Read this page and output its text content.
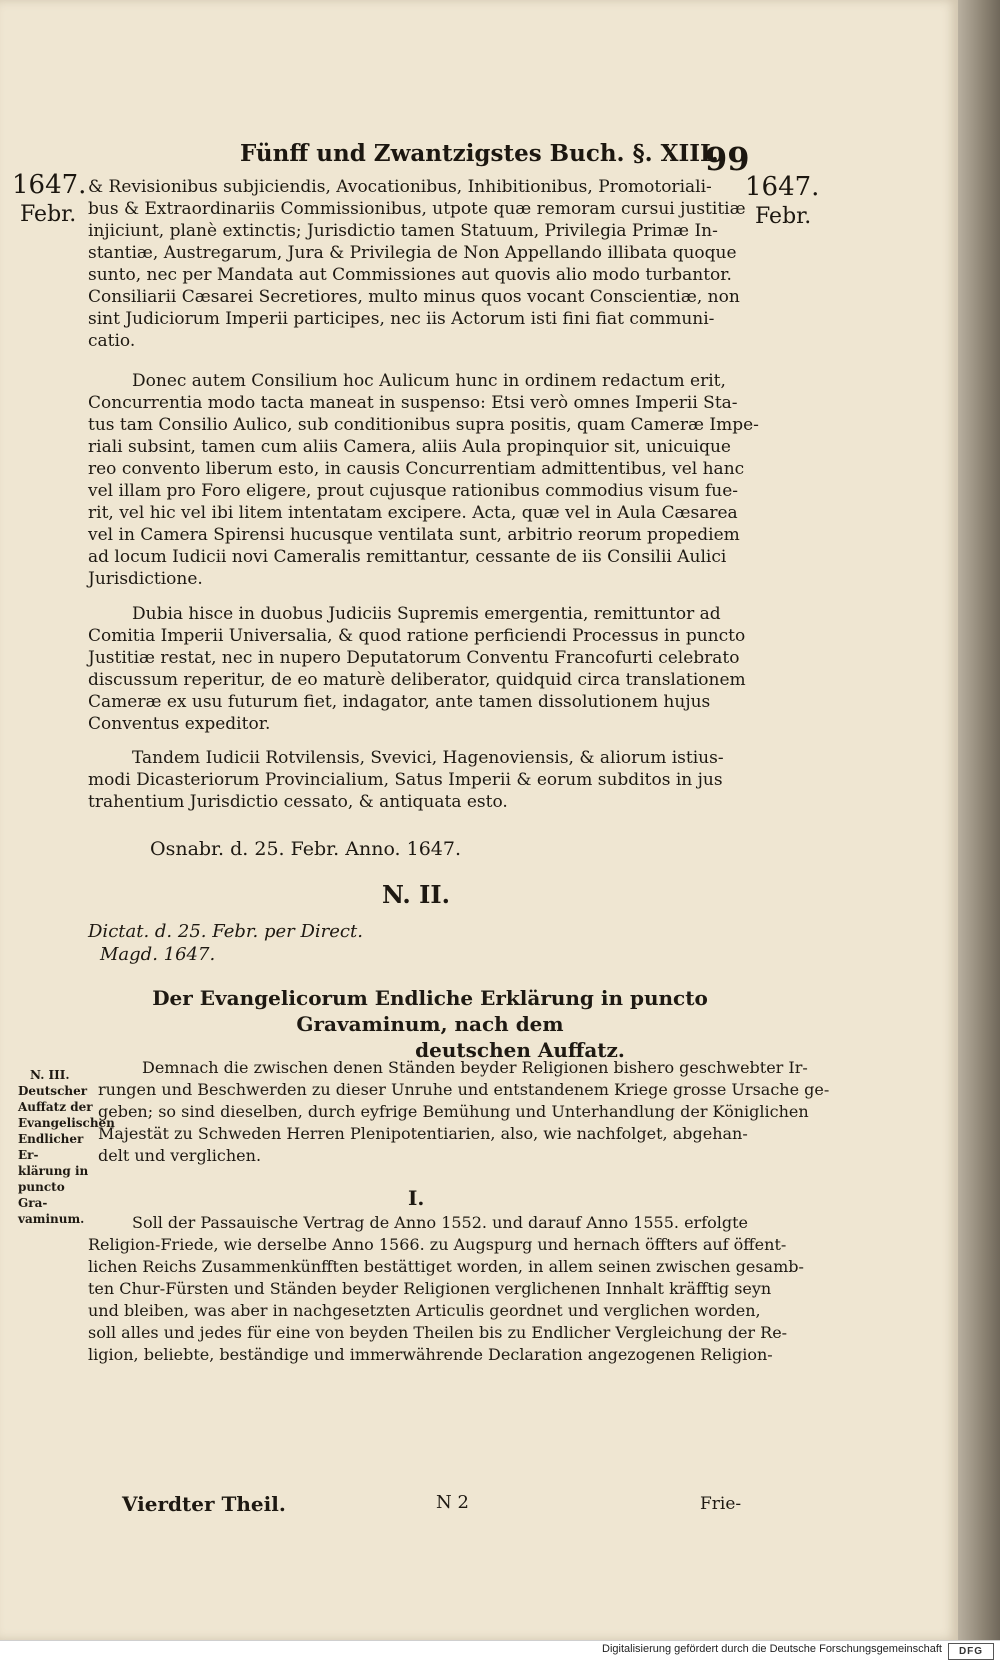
Fünff und Zwantzigstes Buch. §. XIII.
99
1647.
Febr.
1647.
Febr.
& Revisionibus subjiciendis, Avocationibus, Inhibitionibus, Promotoriali-
bus & Extraordinariis Commissionibus, utpote quæ remoram cursui justitiæ
injiciunt, planè extinctis; Jurisdictio tamen Statuum, Privilegia Primæ In-
stantiæ, Austregarum, Jura & Privilegia de Non Appellando illibata quoque
sunto, nec per Mandata aut Commissiones aut quovis alio modo turbantor.
Consiliarii Cæsarei Secretiores, multo minus quos vocant Conscientiæ, non
sint Judiciorum Imperii participes, nec iis Actorum isti fini fiat communi-
catio.
Donec autem Consilium hoc Aulicum hunc in ordinem redactum erit,
Concurrentia modo tacta maneat in suspenso: Etsi verò omnes Imperii Sta-
tus tam Consilio Aulico, sub conditionibus supra positis, quam Cameræ Impe-
riali subsint, tamen cum aliis Camera, aliis Aula propinquior sit, unicuique
reo convento liberum esto, in causis Concurrentiam admittentibus, vel hanc
vel illam pro Foro eligere, prout cujusque rationibus commodius visum fue-
rit, vel hic vel ibi litem intentatam excipere. Acta, quæ vel in Aula Cæsarea
vel in Camera Spirensi hucusque ventilata sunt, arbitrio reorum propediem
ad locum Iudicii novi Cameralis remittantur, cessante de iis Consilii Aulici
Jurisdictione.
Dubia hisce in duobus Judiciis Supremis emergentia, remittuntor ad
Comitia Imperii Universalia, & quod ratione perficiendi Processus in puncto
Justitiæ restat, nec in nupero Deputatorum Conventu Francofurti celebrato
discussum reperitur, de eo maturè deliberator, quidquid circa translationem
Cameræ ex usu futurum fiet, indagator, ante tamen dissolutionem hujus
Conventus expeditor.
Tandem Iudicii Rotvilensis, Svevici, Hagenoviensis, & aliorum istius-
modi Dicasteriorum Provincialium, Satus Imperii & eorum subditos in jus
trahentium Jurisdictio cessato, & antiquata esto.
Osnabr. d. 25. Febr. Anno. 1647.
N. II.
Dictat. d. 25. Febr. per Direct.
Magd. 1647.
Der Evangelicorum Endliche Erklärung in puncto Gravaminum, nach dem
deutschen Auffatz.
N. III.
Deutscher
Auffatz der
Evangelischen
Endlicher Er-
klärung in
puncto Gra-
vaminum.
Demnach die zwischen denen Ständen beyder Religionen bishero geschwebter Ir-
rungen und Beschwerden zu dieser Unruhe und entstandenem Kriege grosse Ursache ge-
geben; so sind dieselben, durch eyfrige Bemühung und Unterhandlung der Königlichen
Majestät zu Schweden Herren Plenipotentiarien, also, wie nachfolget, abgehan-
delt und verglichen.
I.
Soll der Passauische Vertrag de Anno 1552. und darauf Anno 1555. erfolgte
Religion-Friede, wie derselbe Anno 1566. zu Augspurg und hernach öffters auf öffent-
lichen Reichs Zusammenkünfften bestättiget worden, in allem seinen zwischen gesamb-
ten Chur-Fürsten und Ständen beyder Religionen verglichenen Innhalt kräfftig seyn
und bleiben, was aber in nachgesetzten Articulis geordnet und verglichen worden,
soll alles und jedes für eine von beyden Theilen bis zu Endlicher Vergleichung der Re-
ligion, beliebte, beständige und immerwährende Declaration angezogenen Religion-
Vierdter Theil.	N 2	Frie-
Digitalisierung gefördert durch die Deutsche Forschungsgemeinschaft	DFG
